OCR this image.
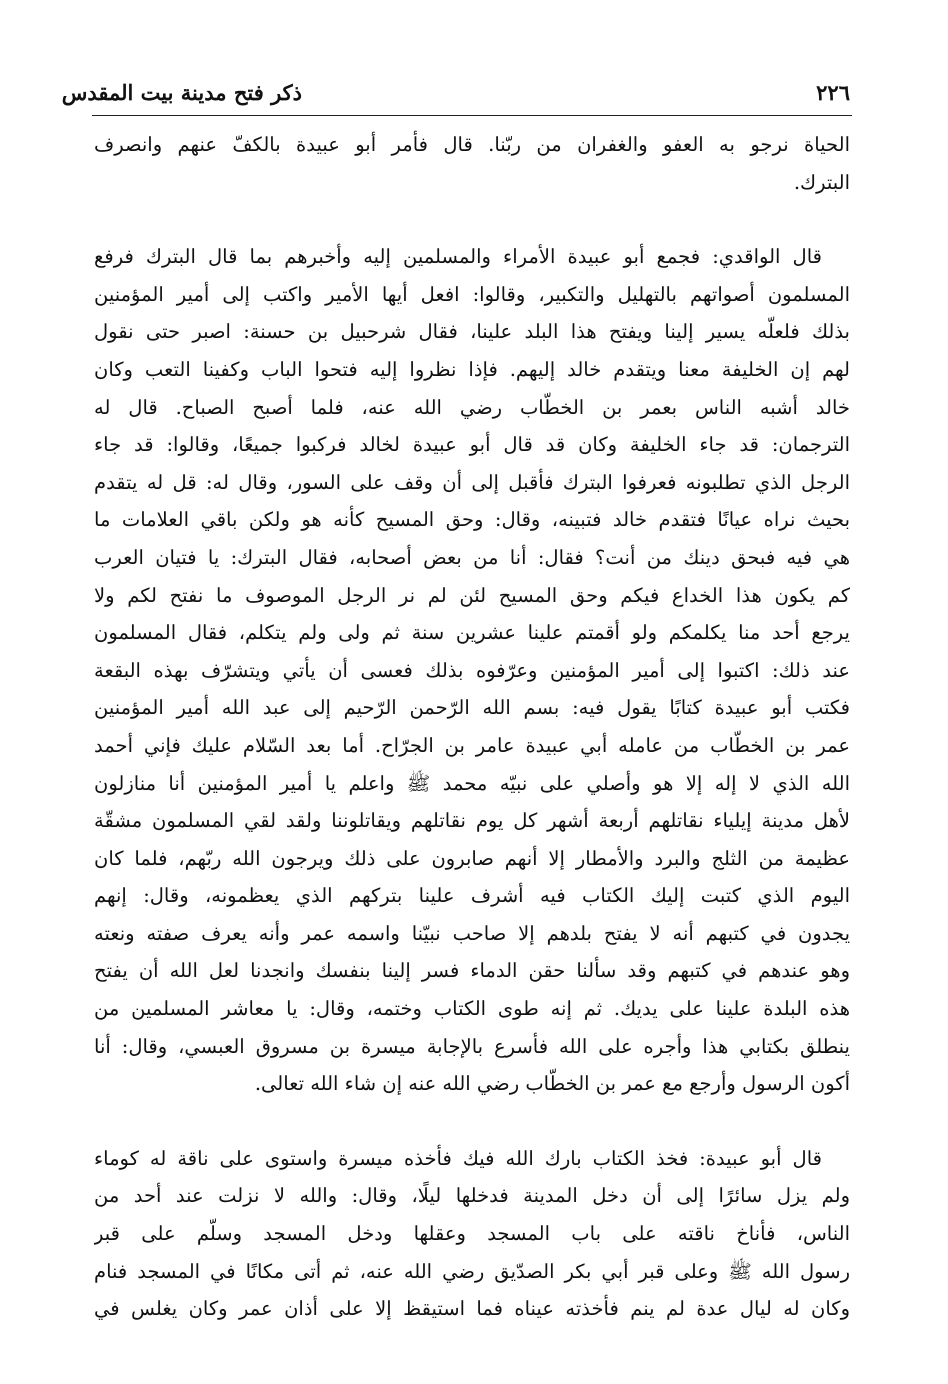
ذكر فتح مدينة بيت المقدس	٢٢٦
الحياة نرجو به العفو والغفران من ربّنا. قال فأمر أبو عبيدة بالكفّ عنهم وانصرف
البترك.
قال الواقدي: فجمع أبو عبيدة الأمراء والمسلمين إليه وأخبرهم بما قال البترك فرفع
المسلمون أصواتهم بالتهليل والتكبير، وقالوا: افعل أيها الأمير واكتب إلى أمير المؤمنين
بذلك فلعلّه يسير إلينا ويفتح هذا البلد علينا، فقال شرحبيل بن حسنة: اصبر حتى نقول
لهم إن الخليفة معنا ويتقدم خالد إليهم. فإذا نظروا إليه فتحوا الباب وكفينا التعب وكان
خالد أشبه الناس بعمر بن الخطّاب رضي الله عنه، فلما أصبح الصباح. قال له
الترجمان: قد جاء الخليفة وكان قد قال أبو عبيدة لخالد فركبوا جميعًا، وقالوا: قد جاء
الرجل الذي تطلبونه فعرفوا البترك فأقبل إلى أن وقف على السور، وقال له: قل له يتقدم
بحيث نراه عيانًا فتقدم خالد فتبينه، وقال: وحق المسيح كأنه هو ولكن باقي العلامات ما
هي فيه فبحق دينك من أنت؟ فقال: أنا من بعض أصحابه، فقال البترك: يا فتيان العرب
كم يكون هذا الخداع فيكم وحق المسيح لئن لم نر الرجل الموصوف ما نفتح لكم ولا
يرجع أحد منا يكلمكم ولو أقمتم علينا عشرين سنة ثم ولى ولم يتكلم، فقال المسلمون
عند ذلك: اكتبوا إلى أمير المؤمنين وعرّفوه بذلك فعسى أن يأتي ويتشرّف بهذه البقعة
فكتب أبو عبيدة كتابًا يقول فيه: بسم الله الرّحمن الرّحيم إلى عبد الله أمير المؤمنين
عمر بن الخطّاب من عامله أبي عبيدة عامر بن الجرّاح. أما بعد السّلام عليك فإني أحمد
الله الذي لا إله إلا هو وأصلي على نبيّه محمد ﷺ واعلم يا أمير المؤمنين أنا منازلون
لأهل مدينة إيلياء نقاتلهم أربعة أشهر كل يوم نقاتلهم ويقاتلوننا ولقد لقي المسلمون مشقّة
عظيمة من الثلج والبرد والأمطار إلا أنهم صابرون على ذلك ويرجون الله ربّهم، فلما كان
اليوم الذي كتبت إليك الكتاب فيه أشرف علينا بتركهم الذي يعظمونه، وقال: إنهم
يجدون في كتبهم أنه لا يفتح بلدهم إلا صاحب نبيّنا واسمه عمر وأنه يعرف صفته ونعته
وهو عندهم في كتبهم وقد سألنا حقن الدماء فسر إلينا بنفسك وانجدنا لعل الله أن يفتح
هذه البلدة علينا على يديك. ثم إنه طوى الكتاب وختمه، وقال: يا معاشر المسلمين من
ينطلق بكتابي هذا وأجره على الله فأسرع بالإجابة ميسرة بن مسروق العبسي، وقال: أنا
أكون الرسول وأرجع مع عمر بن الخطّاب رضي الله عنه إن شاء الله تعالى.
قال أبو عبيدة: فخذ الكتاب بارك الله فيك فأخذه ميسرة واستوى على ناقة له كوماء
ولم يزل سائرًا إلى أن دخل المدينة فدخلها ليلًا، وقال: والله لا نزلت عند أحد من
الناس، فأناخ ناقته على باب المسجد وعقلها ودخل المسجد وسلّم على قبر
رسول الله ﷺ وعلى قبر أبي بكر الصدّيق رضي الله عنه، ثم أتى مكانًا في المسجد فنام
وكان له ليال عدة لم ينم فأخذته عيناه فما استيقظ إلا على أذان عمر وكان يغلس في
